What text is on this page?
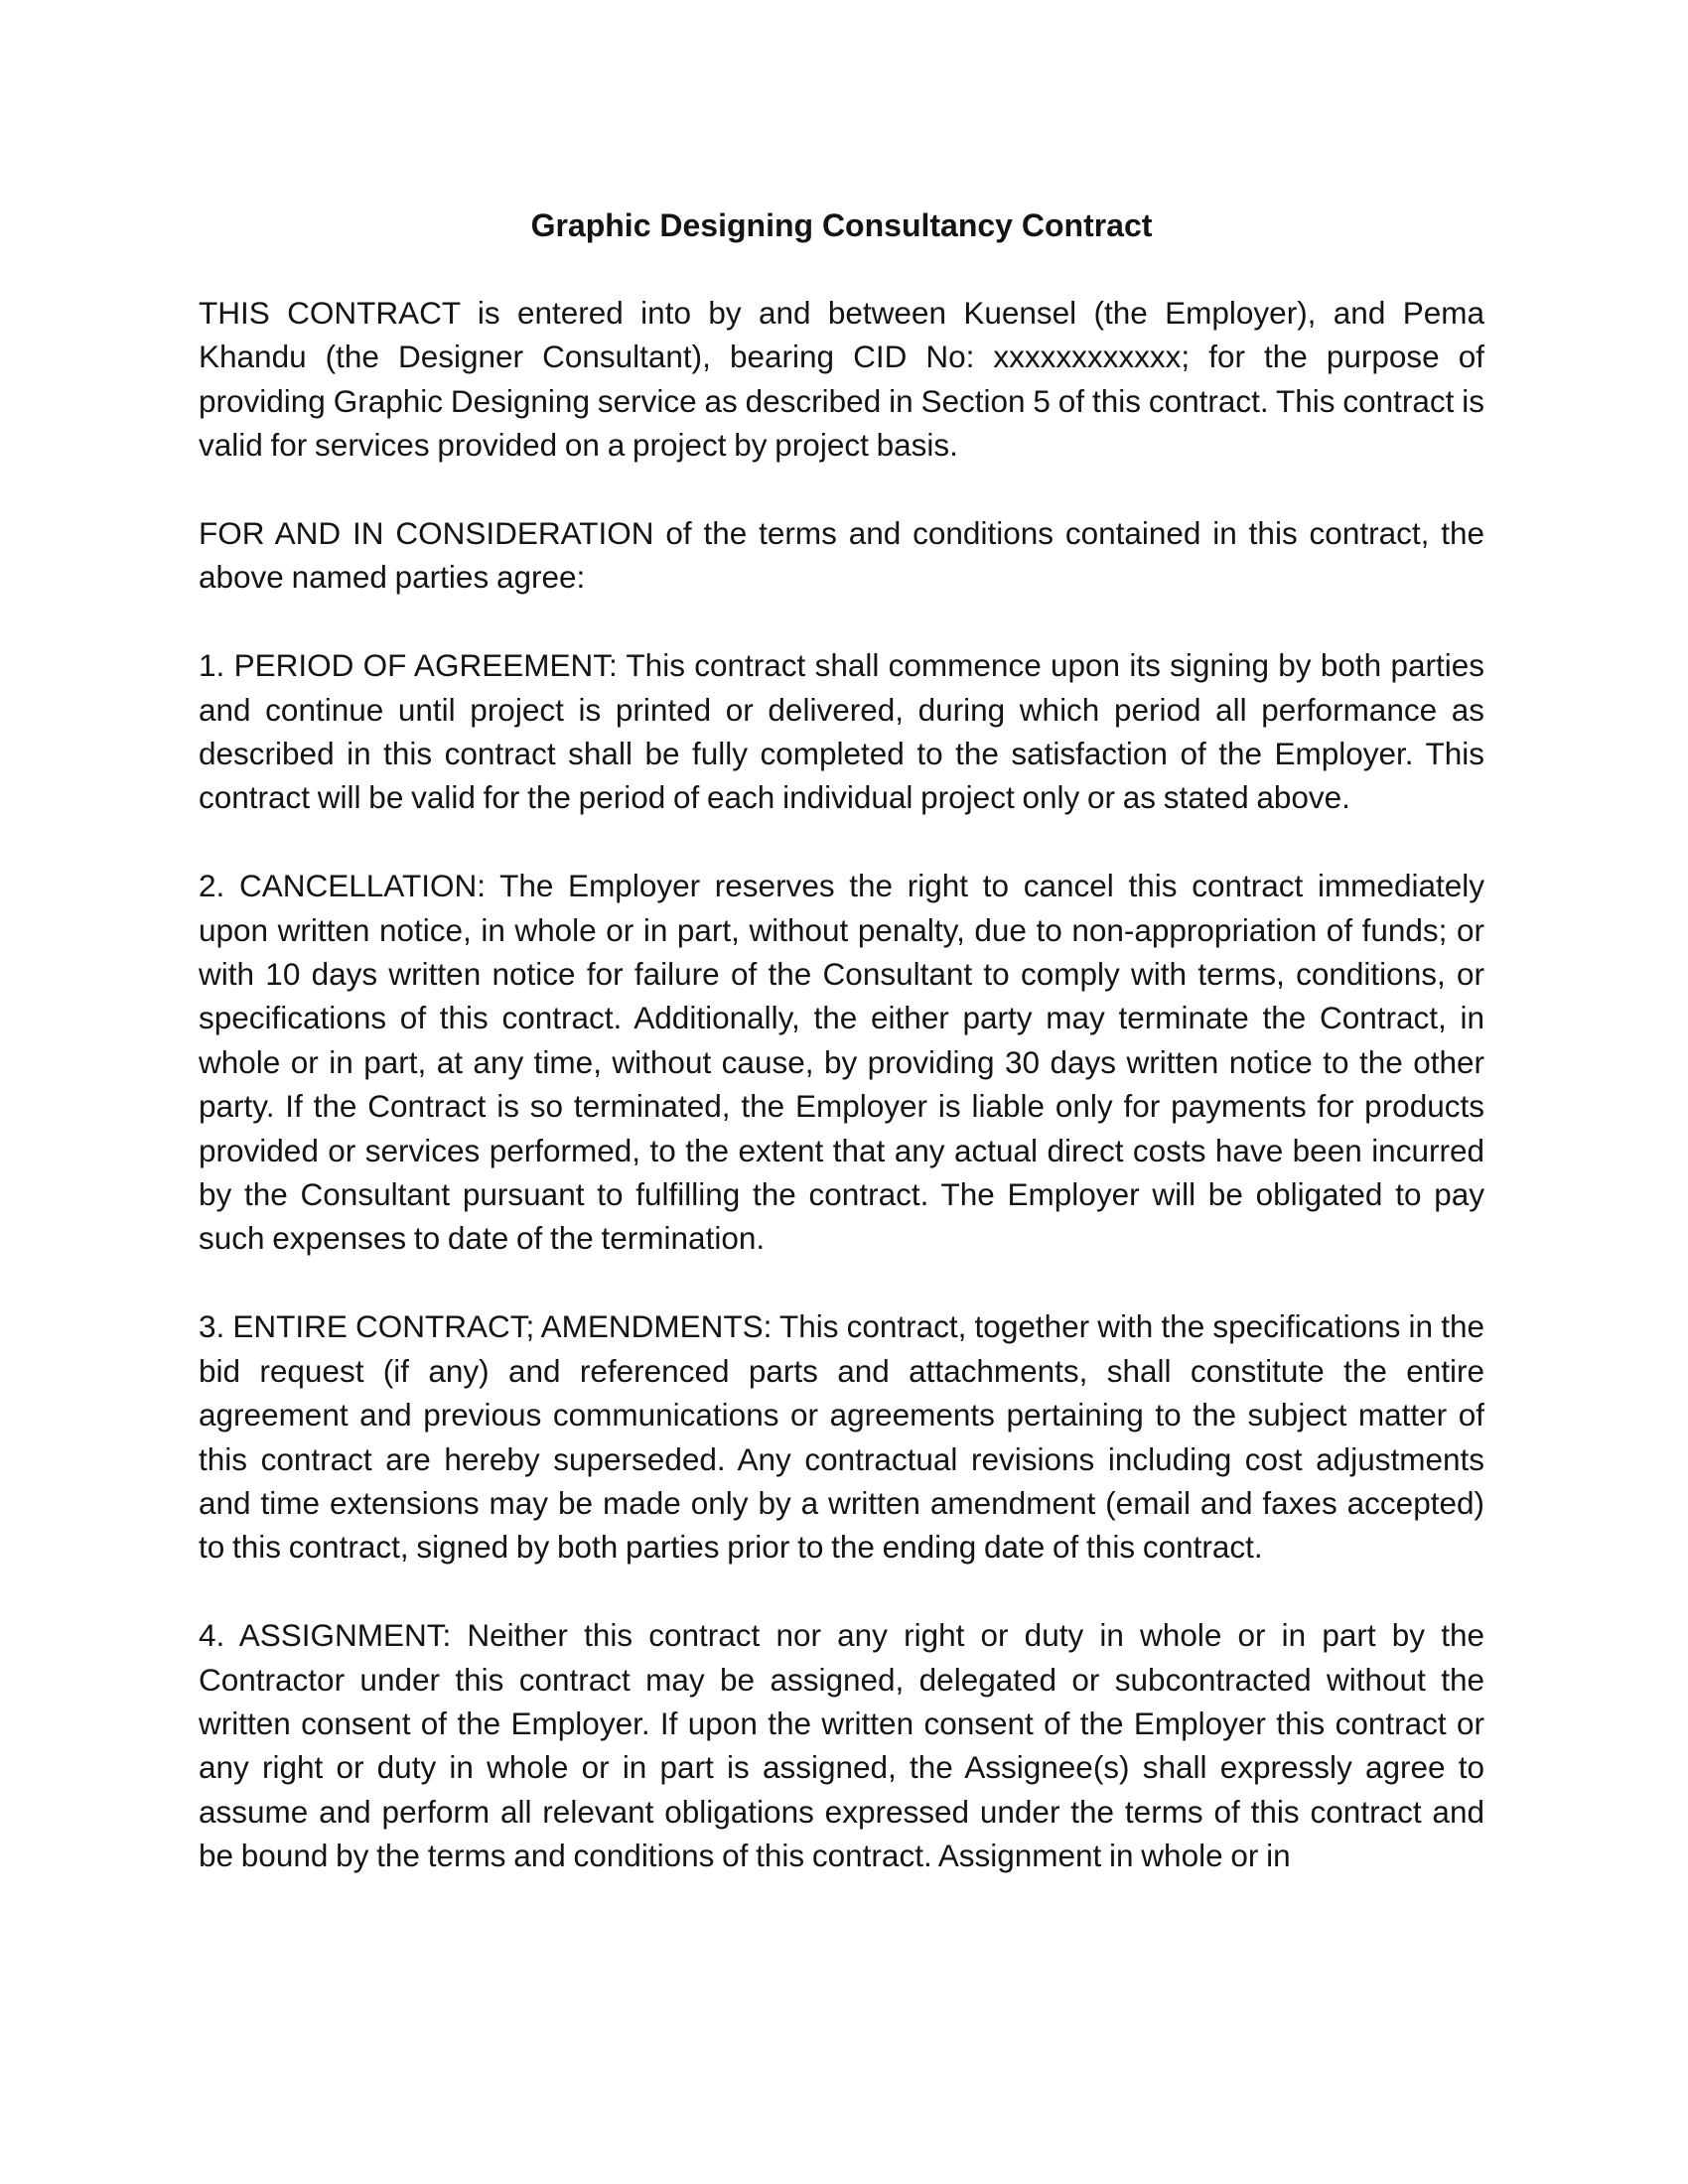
Graphic Designing Consultancy Contract

THIS CONTRACT is entered into by and between Kuensel (the Employer), and Pema Khandu (the Designer Consultant), bearing CID No: xxxxxxxxxxxx; for the purpose of providing Graphic Designing service as described in Section 5 of this contract. This contract is valid for services provided on a project by project basis.

FOR AND IN CONSIDERATION of the terms and conditions contained in this contract, the above named parties agree:

1. PERIOD OF AGREEMENT: This contract shall commence upon its signing by both parties and continue until project is printed or delivered, during which period all performance as described in this contract shall be fully completed to the satisfaction of the Employer. This contract will be valid for the period of each individual project only or as stated above.

2. CANCELLATION: The Employer reserves the right to cancel this contract immediately upon written notice, in whole or in part, without penalty, due to non-appropriation of funds; or with 10 days written notice for failure of the Consultant to comply with terms, conditions, or specifications of this contract. Additionally, the either party may terminate the Contract, in whole or in part, at any time, without cause, by providing 30 days written notice to the other party. If the Contract is so terminated, the Employer is liable only for payments for products provided or services performed, to the extent that any actual direct costs have been incurred by the Consultant pursuant to fulfilling the contract. The Employer will be obligated to pay such expenses to date of the termination.

3. ENTIRE CONTRACT; AMENDMENTS: This contract, together with the specifications in the bid request (if any) and referenced parts and attachments, shall constitute the entire agreement and previous communications or agreements pertaining to the subject matter of this contract are hereby superseded. Any contractual revisions including cost adjustments and time extensions may be made only by a written amendment (email and faxes accepted) to this contract, signed by both parties prior to the ending date of this contract.

4. ASSIGNMENT: Neither this contract nor any right or duty in whole or in part by the Contractor under this contract may be assigned, delegated or subcontracted without the written consent of the Employer. If upon the written consent of the Employer this contract or any right or duty in whole or in part is assigned, the Assignee(s) shall expressly agree to assume and perform all relevant obligations expressed under the terms of this contract and be bound by the terms and conditions of this contract. Assignment in whole or in
